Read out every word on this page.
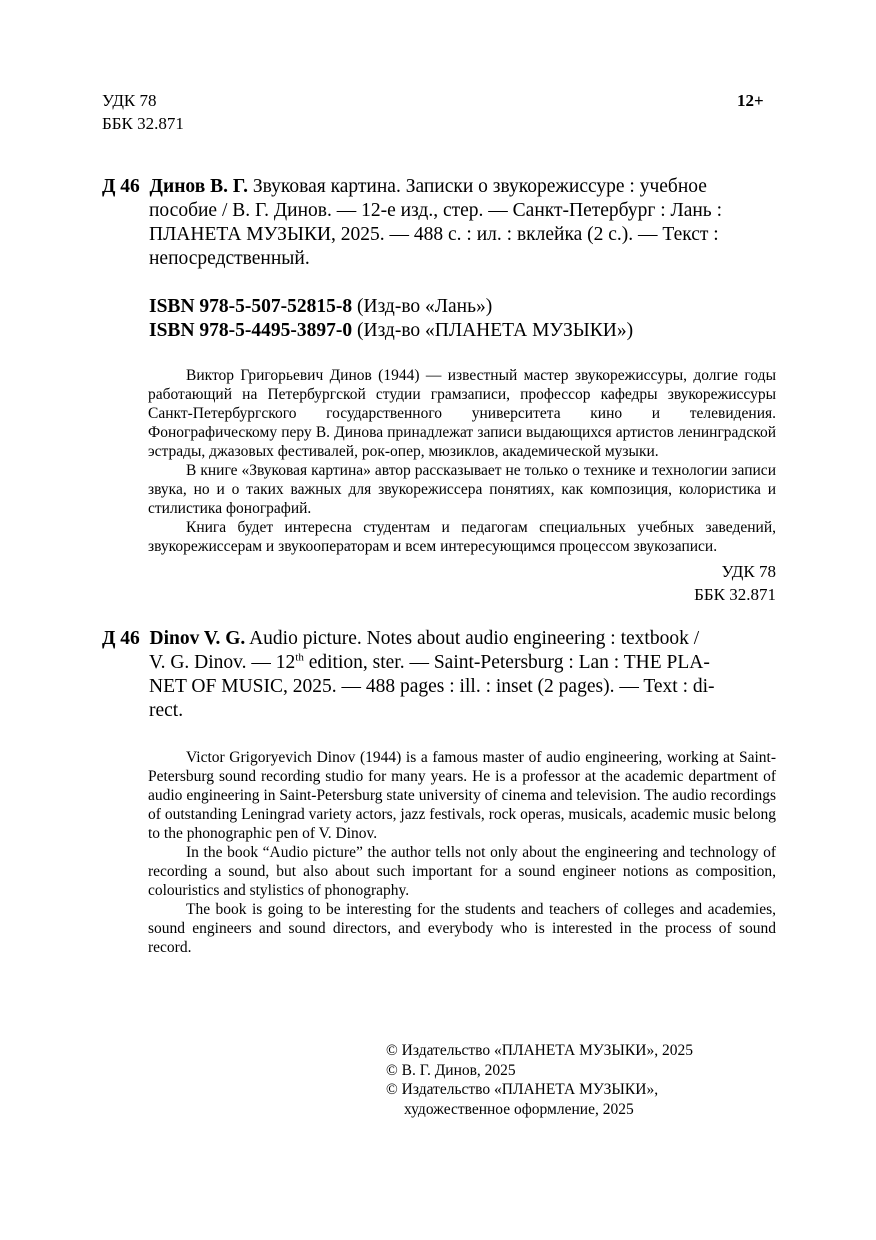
УДК 78
ББК 32.871
12+
Д 46 Динов В. Г. Звуковая картина. Записки о звукорежиссуре : учебное
пособие / В. Г. Динов. — 12-е изд., стер. — Санкт-Петербург : Лань :
ПЛАНЕТА МУЗЫКИ, 2025. — 488 с. : ил. : вклейка (2 с.). — Текст :
непосредственный.
ISBN 978-5-507-52815-8 (Изд-во «Лань»)
ISBN 978-5-4495-3897-0 (Изд-во «ПЛАНЕТА МУЗЫКИ»)

Виктор Григорьевич Динов (1944) — известный мастер звукорежиссуры, долгие годы работающий на Петербургской студии грамзаписи, профессор кафедры звукорежиссуры Санкт-Петербургского государственного университета кино и телевидения. Фонографическому перу В. Динова принадлежат записи выдающихся артистов ленинградской эстрады, джазовых фестивалей, рок-опер, мюзиклов, академической музыки.

В книге «Звуковая картина» автор рассказывает не только о технике и технологии записи звука, но и о таких важных для звукорежиссера понятиях, как композиция, колористика и стилистика фонографий.

Книга будет интересна студентам и педагогам специальных учебных заведений, звукорежиссерам и звукооператорам и всем интересующимся процессом звукозаписи.

УДК 78
ББК 32.871
Д 46 Dinov V. G. Audio picture. Notes about audio engineering : textbook /
V. G. Dinov. — 12th edition, ster. — Saint-Petersburg : Lan : THE PLA-
NET OF MUSIC, 2025. — 488 pages : ill. : inset (2 pages). — Text : di-
rect.

Victor Grigoryevich Dinov (1944) is a famous master of audio engineering, working at Saint-Petersburg sound recording studio for many years. He is a professor at the academic department of audio engineering in Saint-Petersburg state university of cinema and television. The audio recordings of outstanding Leningrad variety actors, jazz festivals, rock operas, musicals, academic music belong to the phonographic pen of V. Dinov.

In the book “Audio picture” the author tells not only about the engineering and technology of recording a sound, but also about such important for a sound engineer notions as composition, colouristics and stylistics of phonography.

The book is going to be interesting for the students and teachers of colleges and academies, sound engineers and sound directors, and everybody who is interested in the process of sound record.

© Издательство «ПЛАНЕТА МУЗЫКИ», 2025
© В. Г. Динов, 2025
© Издательство «ПЛАНЕТА МУЗЫКИ»,
художественное оформление, 2025
